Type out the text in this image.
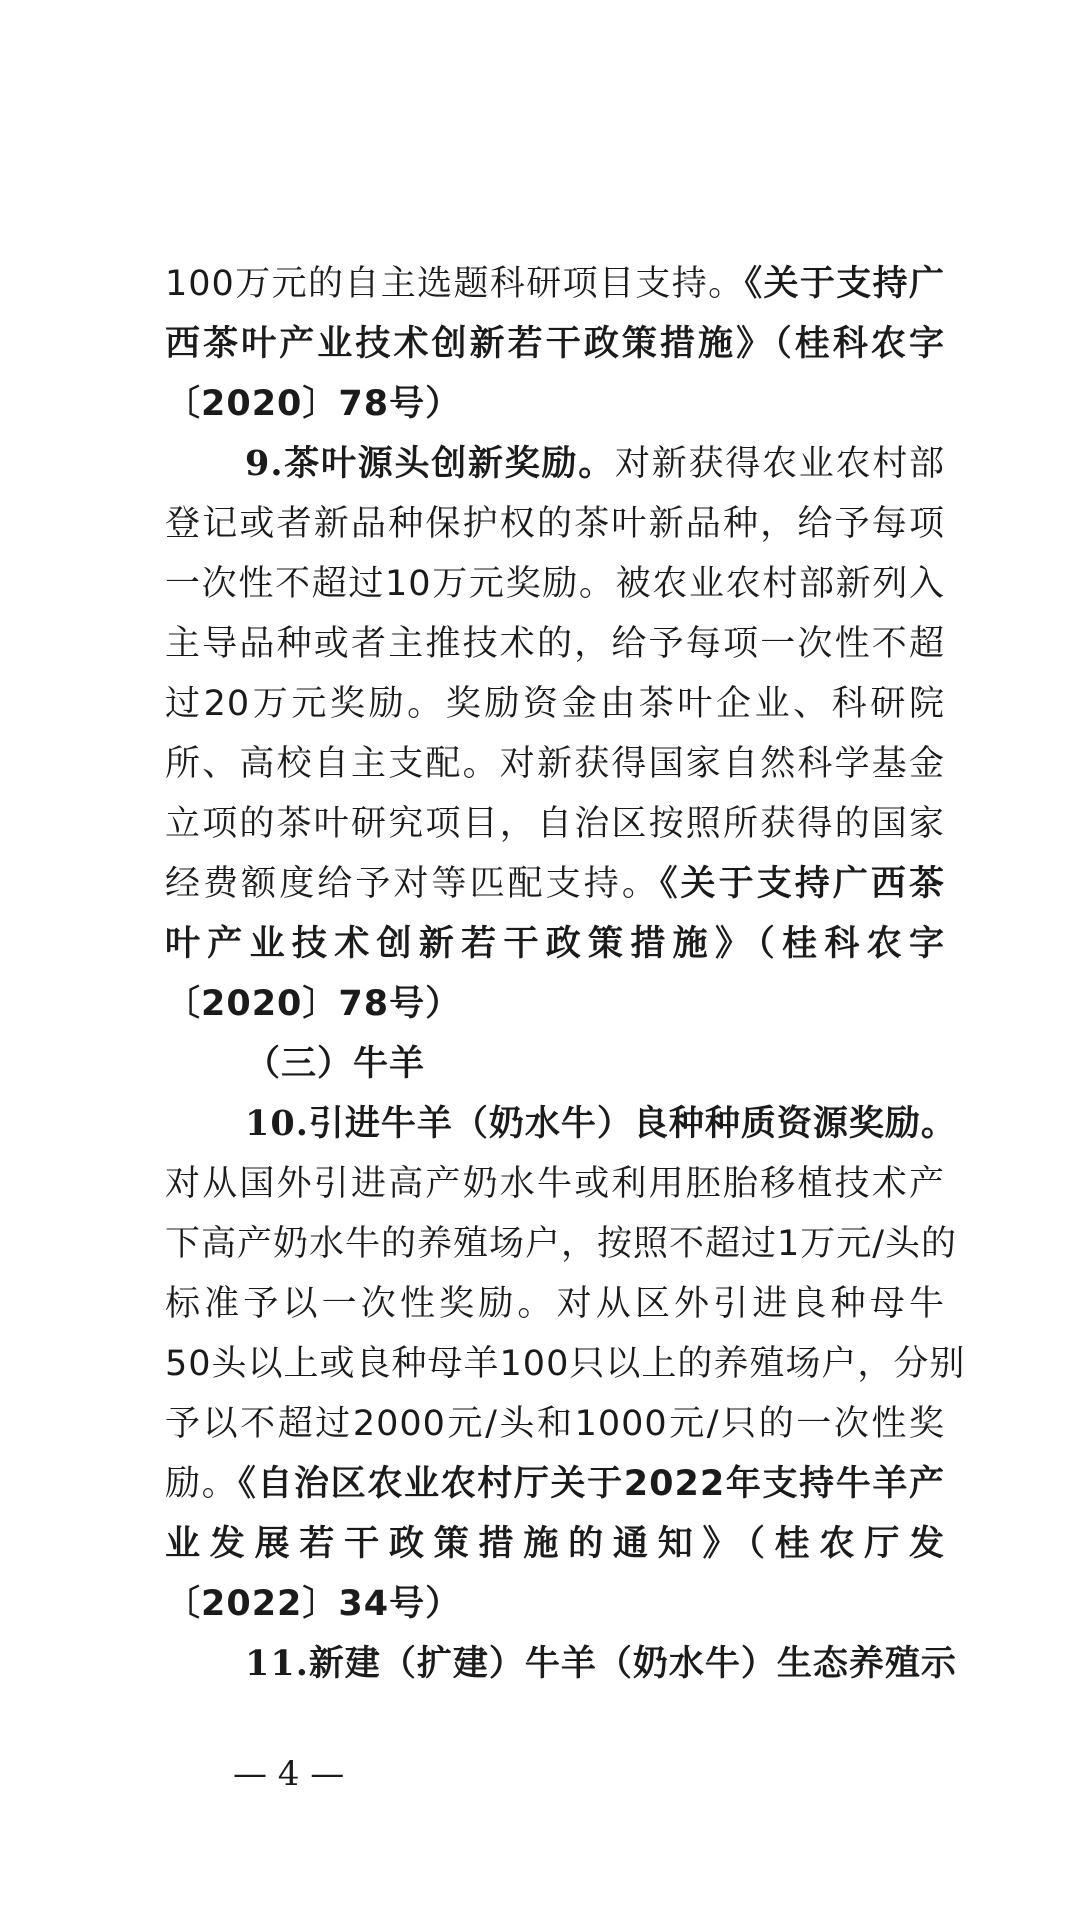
100万元的自主选题科研项目支持。《关于支持广
西茶叶产业技术创新若干政策措施》（桂科农字
〔2020〕78号）
9.茶叶源头创新奖励。对新获得农业农村部
登记或者新品种保护权的茶叶新品种，给予每项
一次性不超过10万元奖励。被农业农村部新列入
主导品种或者主推技术的，给予每项一次性不超
过20万元奖励。奖励资金由茶叶企业、科研院
所、高校自主支配。对新获得国家自然科学基金
立项的茶叶研究项目，自治区按照所获得的国家
经费额度给予对等匹配支持。《关于支持广西茶
叶产业技术创新若干政策措施》（桂科农字
〔2020〕78号）
（三）牛羊
10.引进牛羊（奶水牛）良种种质资源奖励。
对从国外引进高产奶水牛或利用胚胎移植技术产
下高产奶水牛的养殖场户，按照不超过1万元/头的
标准予以一次性奖励。对从区外引进良种母牛
50头以上或良种母羊100只以上的养殖场户，分别
予以不超过2000元/头和1000元/只的一次性奖
励。《自治区农业农村厅关于2022年支持牛羊产
业发展若干政策措施的通知》（桂农厅发
〔2022〕34号）
11.新建（扩建）牛羊（奶水牛）生态养殖示
— 4 —
